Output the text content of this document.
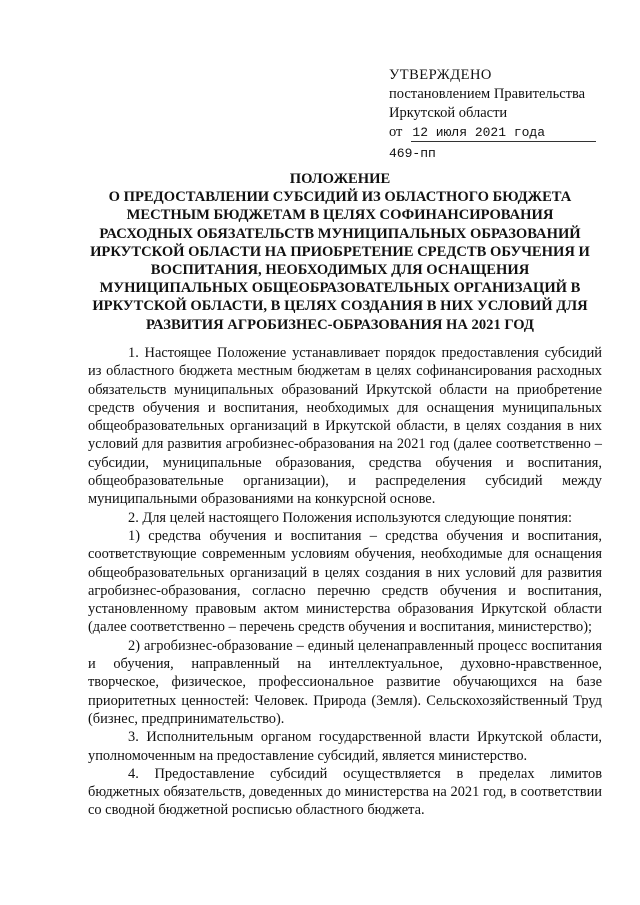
УТВЕРЖДЕНО
постановлением Правительства
Иркутской области
от 12 июля 2021 года
469-пп
ПОЛОЖЕНИЕ
О ПРЕДОСТАВЛЕНИИ СУБСИДИЙ ИЗ ОБЛАСТНОГО БЮДЖЕТА
МЕСТНЫМ БЮДЖЕТАМ В ЦЕЛЯХ СОФИНАНСИРОВАНИЯ
РАСХОДНЫХ ОБЯЗАТЕЛЬСТВ МУНИЦИПАЛЬНЫХ ОБРАЗОВАНИЙ
ИРКУТСКОЙ ОБЛАСТИ НА ПРИОБРЕТЕНИЕ СРЕДСТВ ОБУЧЕНИЯ И
ВОСПИТАНИЯ, НЕОБХОДИМЫХ ДЛЯ ОСНАЩЕНИЯ
МУНИЦИПАЛЬНЫХ ОБЩЕОБРАЗОВАТЕЛЬНЫХ ОРГАНИЗАЦИЙ В
ИРКУТСКОЙ ОБЛАСТИ, В ЦЕЛЯХ СОЗДАНИЯ В НИХ УСЛОВИЙ ДЛЯ
РАЗВИТИЯ АГРОБИЗНЕС-ОБРАЗОВАНИЯ НА 2021 ГОД

1. Настоящее Положение устанавливает порядок предоставления субсидий из областного бюджета местным бюджетам в целях софинансирования расходных обязательств муниципальных образований Иркутской области на приобретение средств обучения и воспитания, необходимых для оснащения муниципальных общеобразовательных организаций в Иркутской области, в целях создания в них условий для развития агробизнес-образования на 2021 год (далее соответственно – субсидии, муниципальные образования, средства обучения и воспитания, общеобразовательные организации), и распределения субсидий между муниципальными образованиями на конкурсной основе.

2. Для целей настоящего Положения используются следующие понятия:

1) средства обучения и воспитания – средства обучения и воспитания, соответствующие современным условиям обучения, необходимые для оснащения общеобразовательных организаций в целях создания в них условий для развития агробизнес-образования, согласно перечню средств обучения и воспитания, установленному правовым актом министерства образования Иркутской области (далее соответственно – перечень средств обучения и воспитания, министерство);

2) агробизнес-образование – единый целенаправленный процесс воспитания и обучения, направленный на интеллектуальное, духовно-нравственное, творческое, физическое, профессиональное развитие обучающихся на базе приоритетных ценностей: Человек. Природа (Земля). Сельскохозяйственный Труд (бизнес, предпринимательство).

3. Исполнительным органом государственной власти Иркутской области, уполномоченным на предоставление субсидий, является министерство.

4. Предоставление субсидий осуществляется в пределах лимитов бюджетных обязательств, доведенных до министерства на 2021 год, в соответствии со сводной бюджетной росписью областного бюджета.
